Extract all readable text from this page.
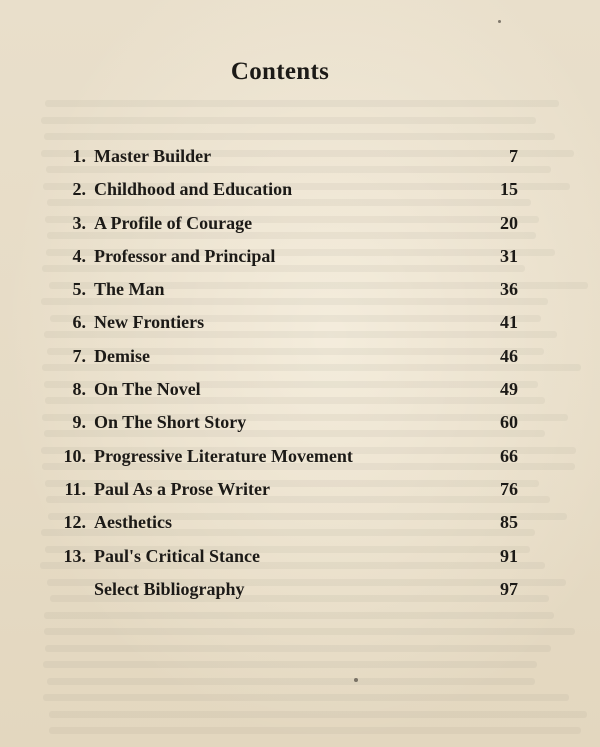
Contents
1. Master Builder	7
2. Childhood and Education	15
3. A Profile of Courage	20
4. Professor and Principal	31
5. The Man	36
6. New Frontiers	41
7. Demise	46
8. On The Novel	49
9. On The Short Story	60
10. Progressive Literature Movement	66
11. Paul As a Prose Writer	76
12. Aesthetics	85
13. Paul's Critical Stance	91
Select Bibliography	97
